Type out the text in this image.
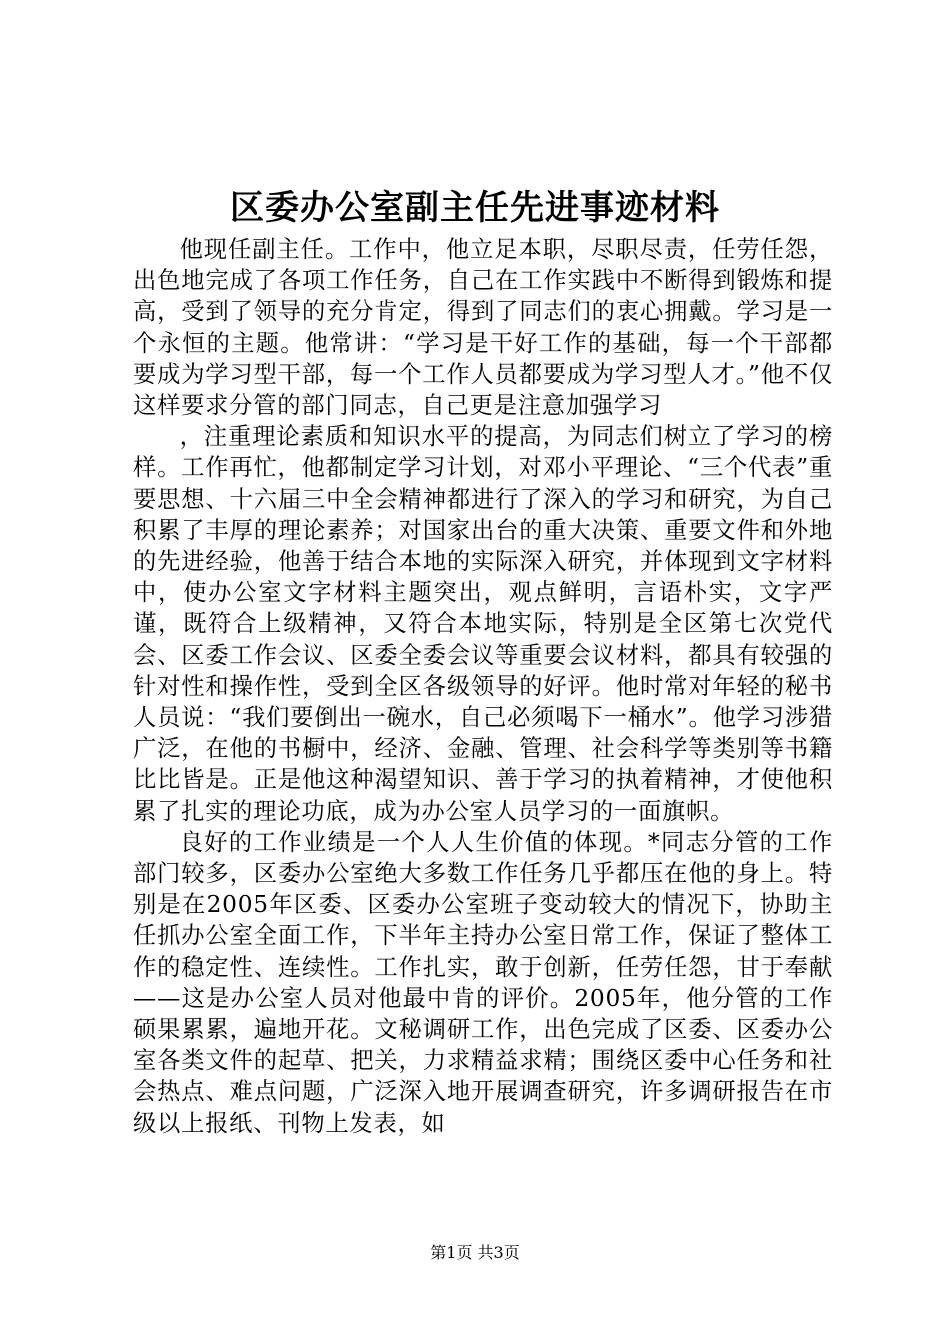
区委办公室副主任先进事迹材料

他现任副主任。工作中，他立足本职，尽职尽责，任劳任怨，出色地完成了各项工作任务，自己在工作实践中不断得到锻炼和提高，受到了领导的充分肯定，得到了同志们的衷心拥戴。学习是一个永恒的主题。他常讲：“学习是干好工作的基础，每一个干部都要成为学习型干部，每一个工作人员都要成为学习型人才。”他不仅这样要求分管的部门同志，自己更是注意加强学习

，注重理论素质和知识水平的提高，为同志们树立了学习的榜样。工作再忙，他都制定学习计划，对邓小平理论、“三个代表”重要思想、十六届三中全会精神都进行了深入的学习和研究，为自己积累了丰厚的理论素养；对国家出台的重大决策、重要文件和外地的先进经验，他善于结合本地的实际深入研究，并体现到文字材料中，使办公室文字材料主题突出，观点鲜明，言语朴实，文字严谨，既符合上级精神，又符合本地实际，特别是全区第七次党代会、区委工作会议、区委全委会议等重要会议材料，都具有较强的针对性和操作性，受到全区各级领导的好评。他时常对年轻的秘书人员说：“我们要倒出一碗水，自己必须喝下一桶水”。他学习涉猎广泛，在他的书橱中，经济、金融、管理、社会科学等类别等书籍比比皆是。正是他这种渴望知识、善于学习的执着精神，才使他积累了扎实的理论功底，成为办公室人员学习的一面旗帜。

良好的工作业绩是一个人人生价值的体现。*同志分管的工作部门较多，区委办公室绝大多数工作任务几乎都压在他的身上。特别是在2005年区委、区委办公室班子变动较大的情况下，协助主任抓办公室全面工作，下半年主持办公室日常工作，保证了整体工作的稳定性、连续性。工作扎实，敢于创新，任劳任怨，甘于奉献——这是办公室人员对他最中肯的评价。2005年，他分管的工作硕果累累，遍地开花。文秘调研工作，出色完成了区委、区委办公室各类文件的起草、把关，力求精益求精；围绕区委中心任务和社会热点、难点问题，广泛深入地开展调查研究，许多调研报告在市级以上报纸、刊物上发表，如

第1页 共3页
